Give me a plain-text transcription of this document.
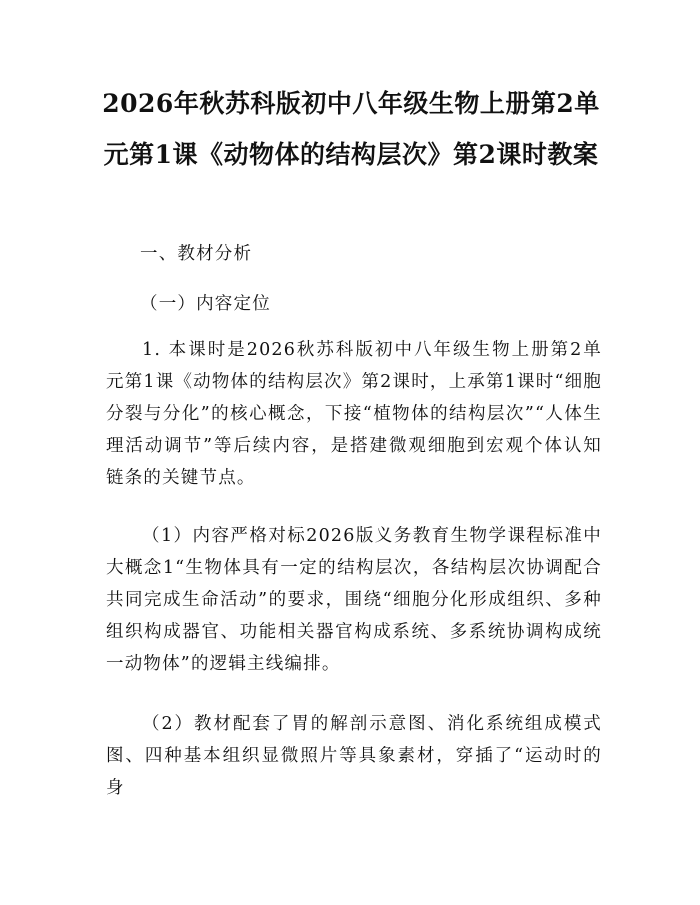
2026年秋苏科版初中八年级生物上册第2单元第1课《动物体的结构层次》第2课时教案

一、教材分析

（一）内容定位

1. 本课时是2026秋苏科版初中八年级生物上册第2单元第1课《动物体的结构层次》第2课时，上承第1课时“细胞分裂与分化”的核心概念，下接“植物体的结构层次”“人体生理活动调节”等后续内容，是搭建微观细胞到宏观个体认知链条的关键节点。

（1）内容严格对标2026版义务教育生物学课程标准中大概念1“生物体具有一定的结构层次，各结构层次协调配合共同完成生命活动”的要求，围绕“细胞分化形成组织、多种组织构成器官、功能相关器官构成系统、多系统协调构成统一动物体”的逻辑主线编排。

（2）教材配套了胃的解剖示意图、消化系统组成模式图、四种基本组织显微照片等具象素材，穿插了“运动时的身
